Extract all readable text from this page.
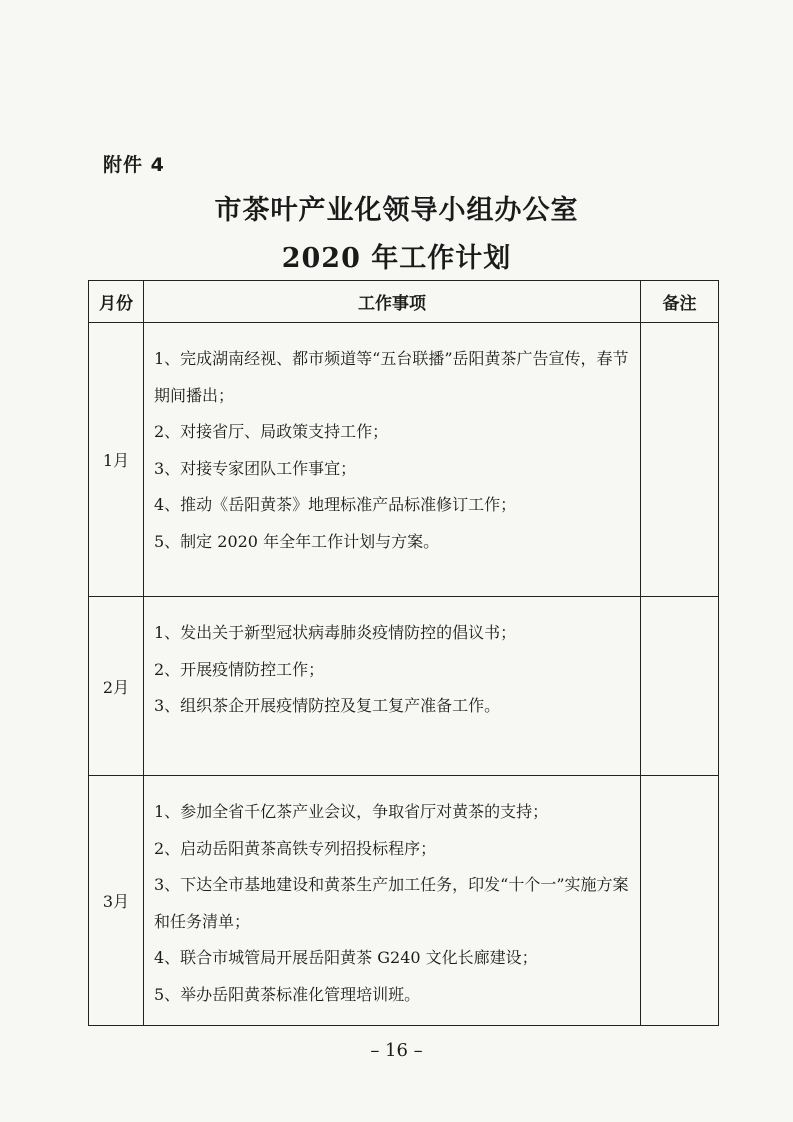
附件 4
市茶叶产业化领导小组办公室
2020 年工作计划
月份	工作事项	备注
1月	1、完成湖南经视、都市频道等“五台联播”岳阳黄茶广告宣传，春节期间播出；
2、对接省厅、局政策支持工作；
3、对接专家团队工作事宜；
4、推动《岳阳黄茶》地理标准产品标准修订工作；
5、制定 2020 年全年工作计划与方案。	

2月	1、发出关于新型冠状病毒肺炎疫情防控的倡议书；
2、开展疫情防控工作；
3、组织茶企开展疫情防控及复工复产准备工作。	

3月	1、参加全省千亿茶产业会议，争取省厅对黄茶的支持；
2、启动岳阳黄茶高铁专列招投标程序；
3、下达全市基地建设和黄茶生产加工任务，印发“十个一”实施方案和任务清单；
4、联合市城管局开展岳阳黄茶 G240 文化长廊建设；
5、举办岳阳黄茶标准化管理培训班。	

– 16 –
